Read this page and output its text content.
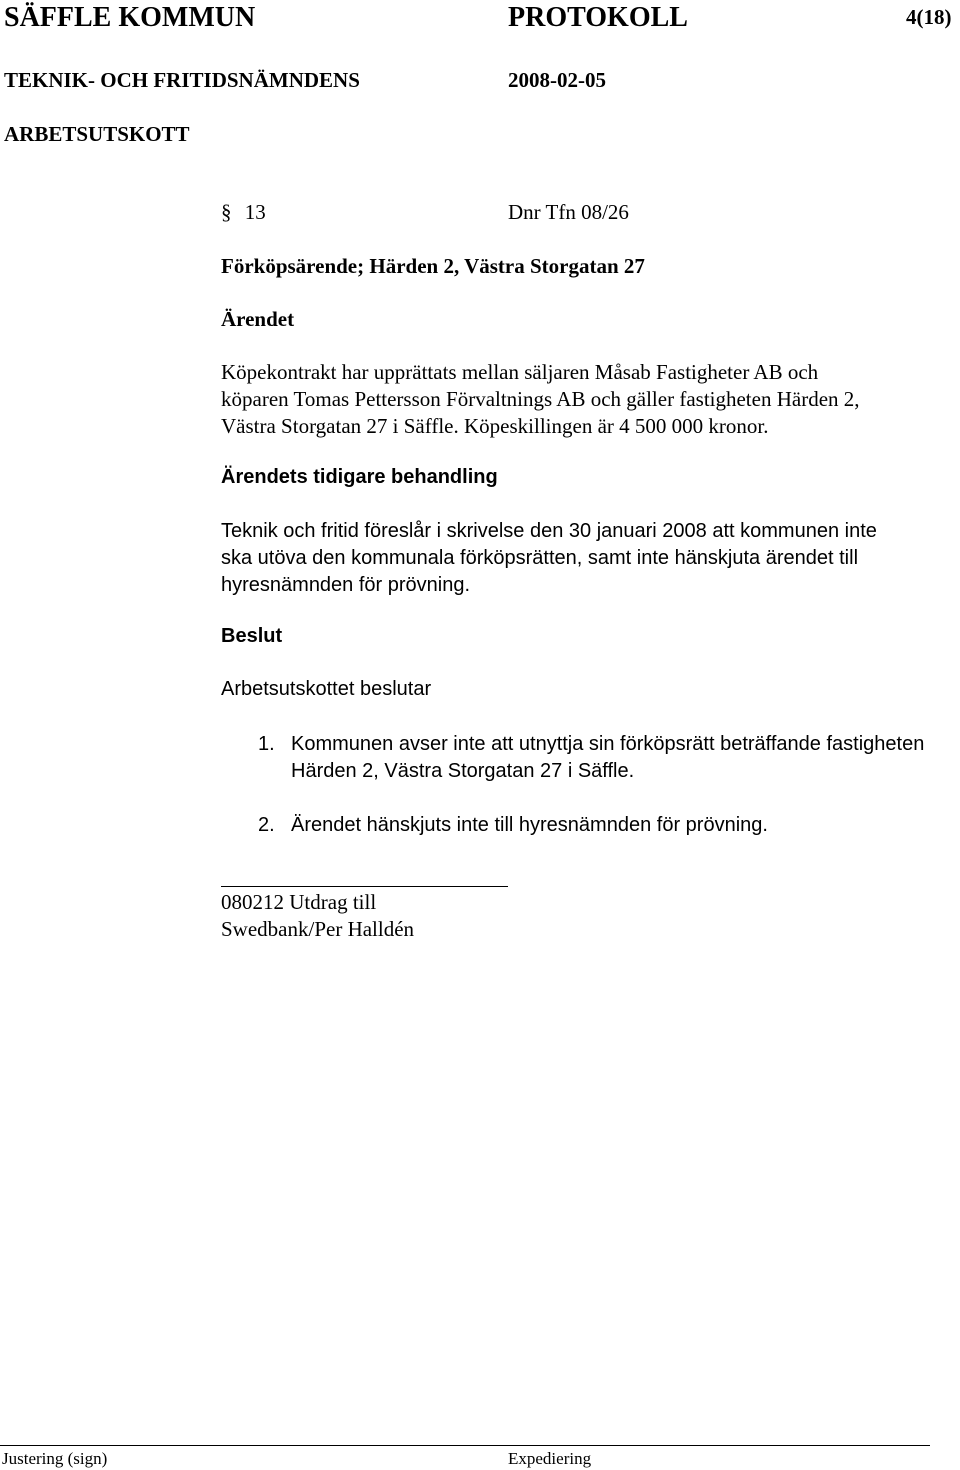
SÄFFLE KOMMUN	PROTOKOLL	4(18)
TEKNIK- OCH FRITIDSNÄMNDENS	2008-02-05
ARBETSUTSKOTT
§ 13	Dnr Tfn 08/26
Förköpsärende; Härden 2, Västra Storgatan 27
Ärendet
Köpekontrakt har upprättats mellan säljaren Måsab Fastigheter AB och
köparen Tomas Pettersson Förvaltnings AB och gäller fastigheten Härden 2,
Västra Storgatan 27 i Säffle. Köpeskillingen är 4 500 000 kronor.
Ärendets tidigare behandling
Teknik och fritid föreslår i skrivelse den 30 januari 2008 att kommunen inte
ska utöva den kommunala förköpsrätten, samt inte hänskjuta ärendet till
hyresnämnden för prövning.
Beslut
Arbetsutskottet beslutar
1. Kommunen avser inte att utnyttja sin förköpsrätt beträffande fastigheten
Härden 2, Västra Storgatan 27 i Säffle.
2. Ärendet hänskjuts inte till hyresnämnden för prövning.
080212 Utdrag till
Swedbank/Per Halldén
Justering (sign)	Expediering
